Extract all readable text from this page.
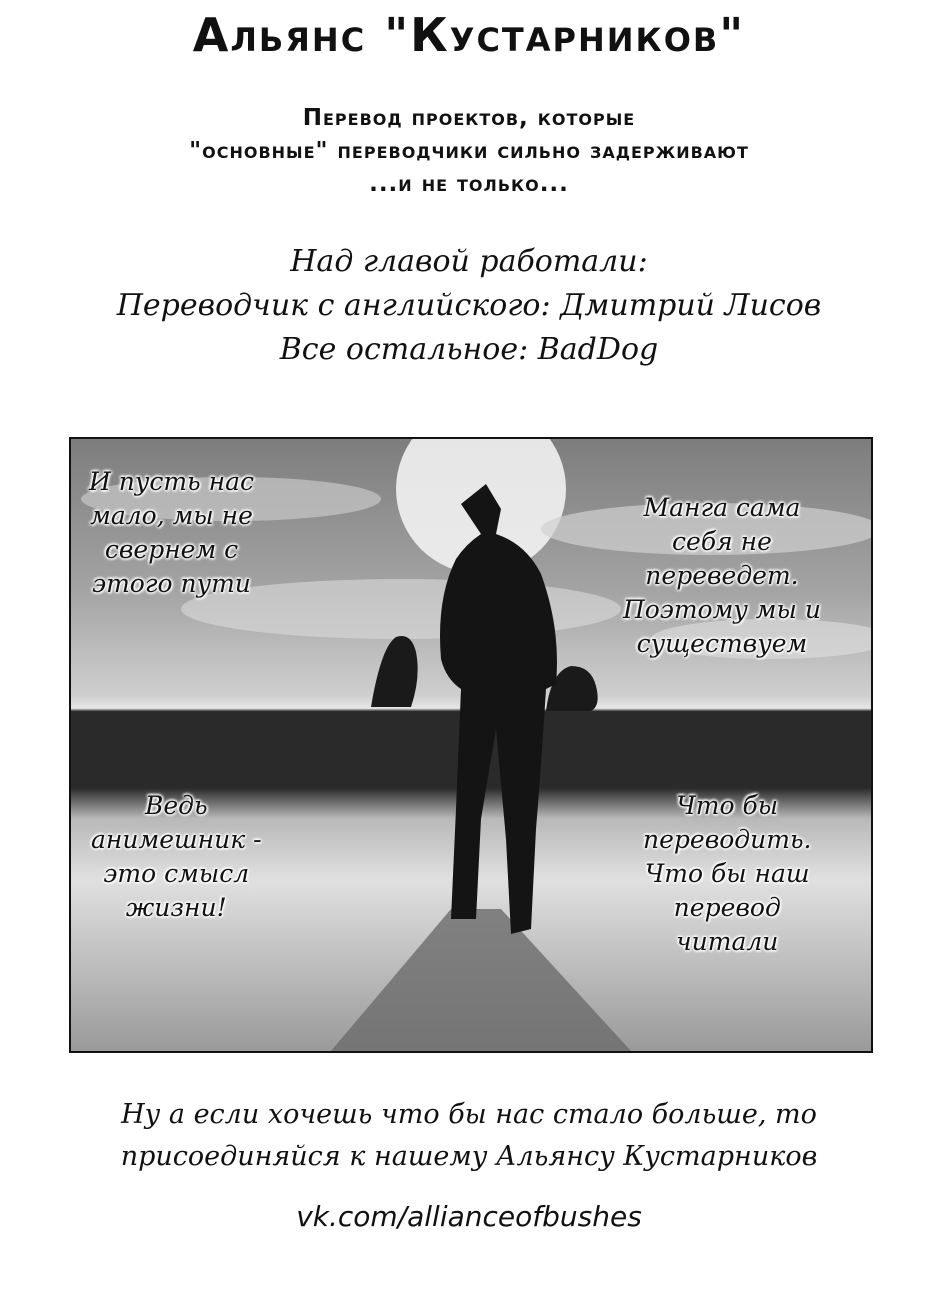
Альянс "Кустарников"
Перевод проектов, которые
"основные" переводчики сильно задерживают
...и не только...
Над главой работали:
Переводчик с английского: Дмитрий Лисов
Все остальное: BadDog
И пусть нас
мало, мы не
свернем с
этого пути
Манга сама
себя не
переведет.
Поэтому мы и
существуем
Ведь
анимешник -
это смысл
жизни!
Что бы
переводить.
Что бы наш
перевод
читали
Ну а если хочешь что бы нас стало больше, то
присоединяйся к нашему Альянсу Кустарников
vk.com/allianceofbushes
